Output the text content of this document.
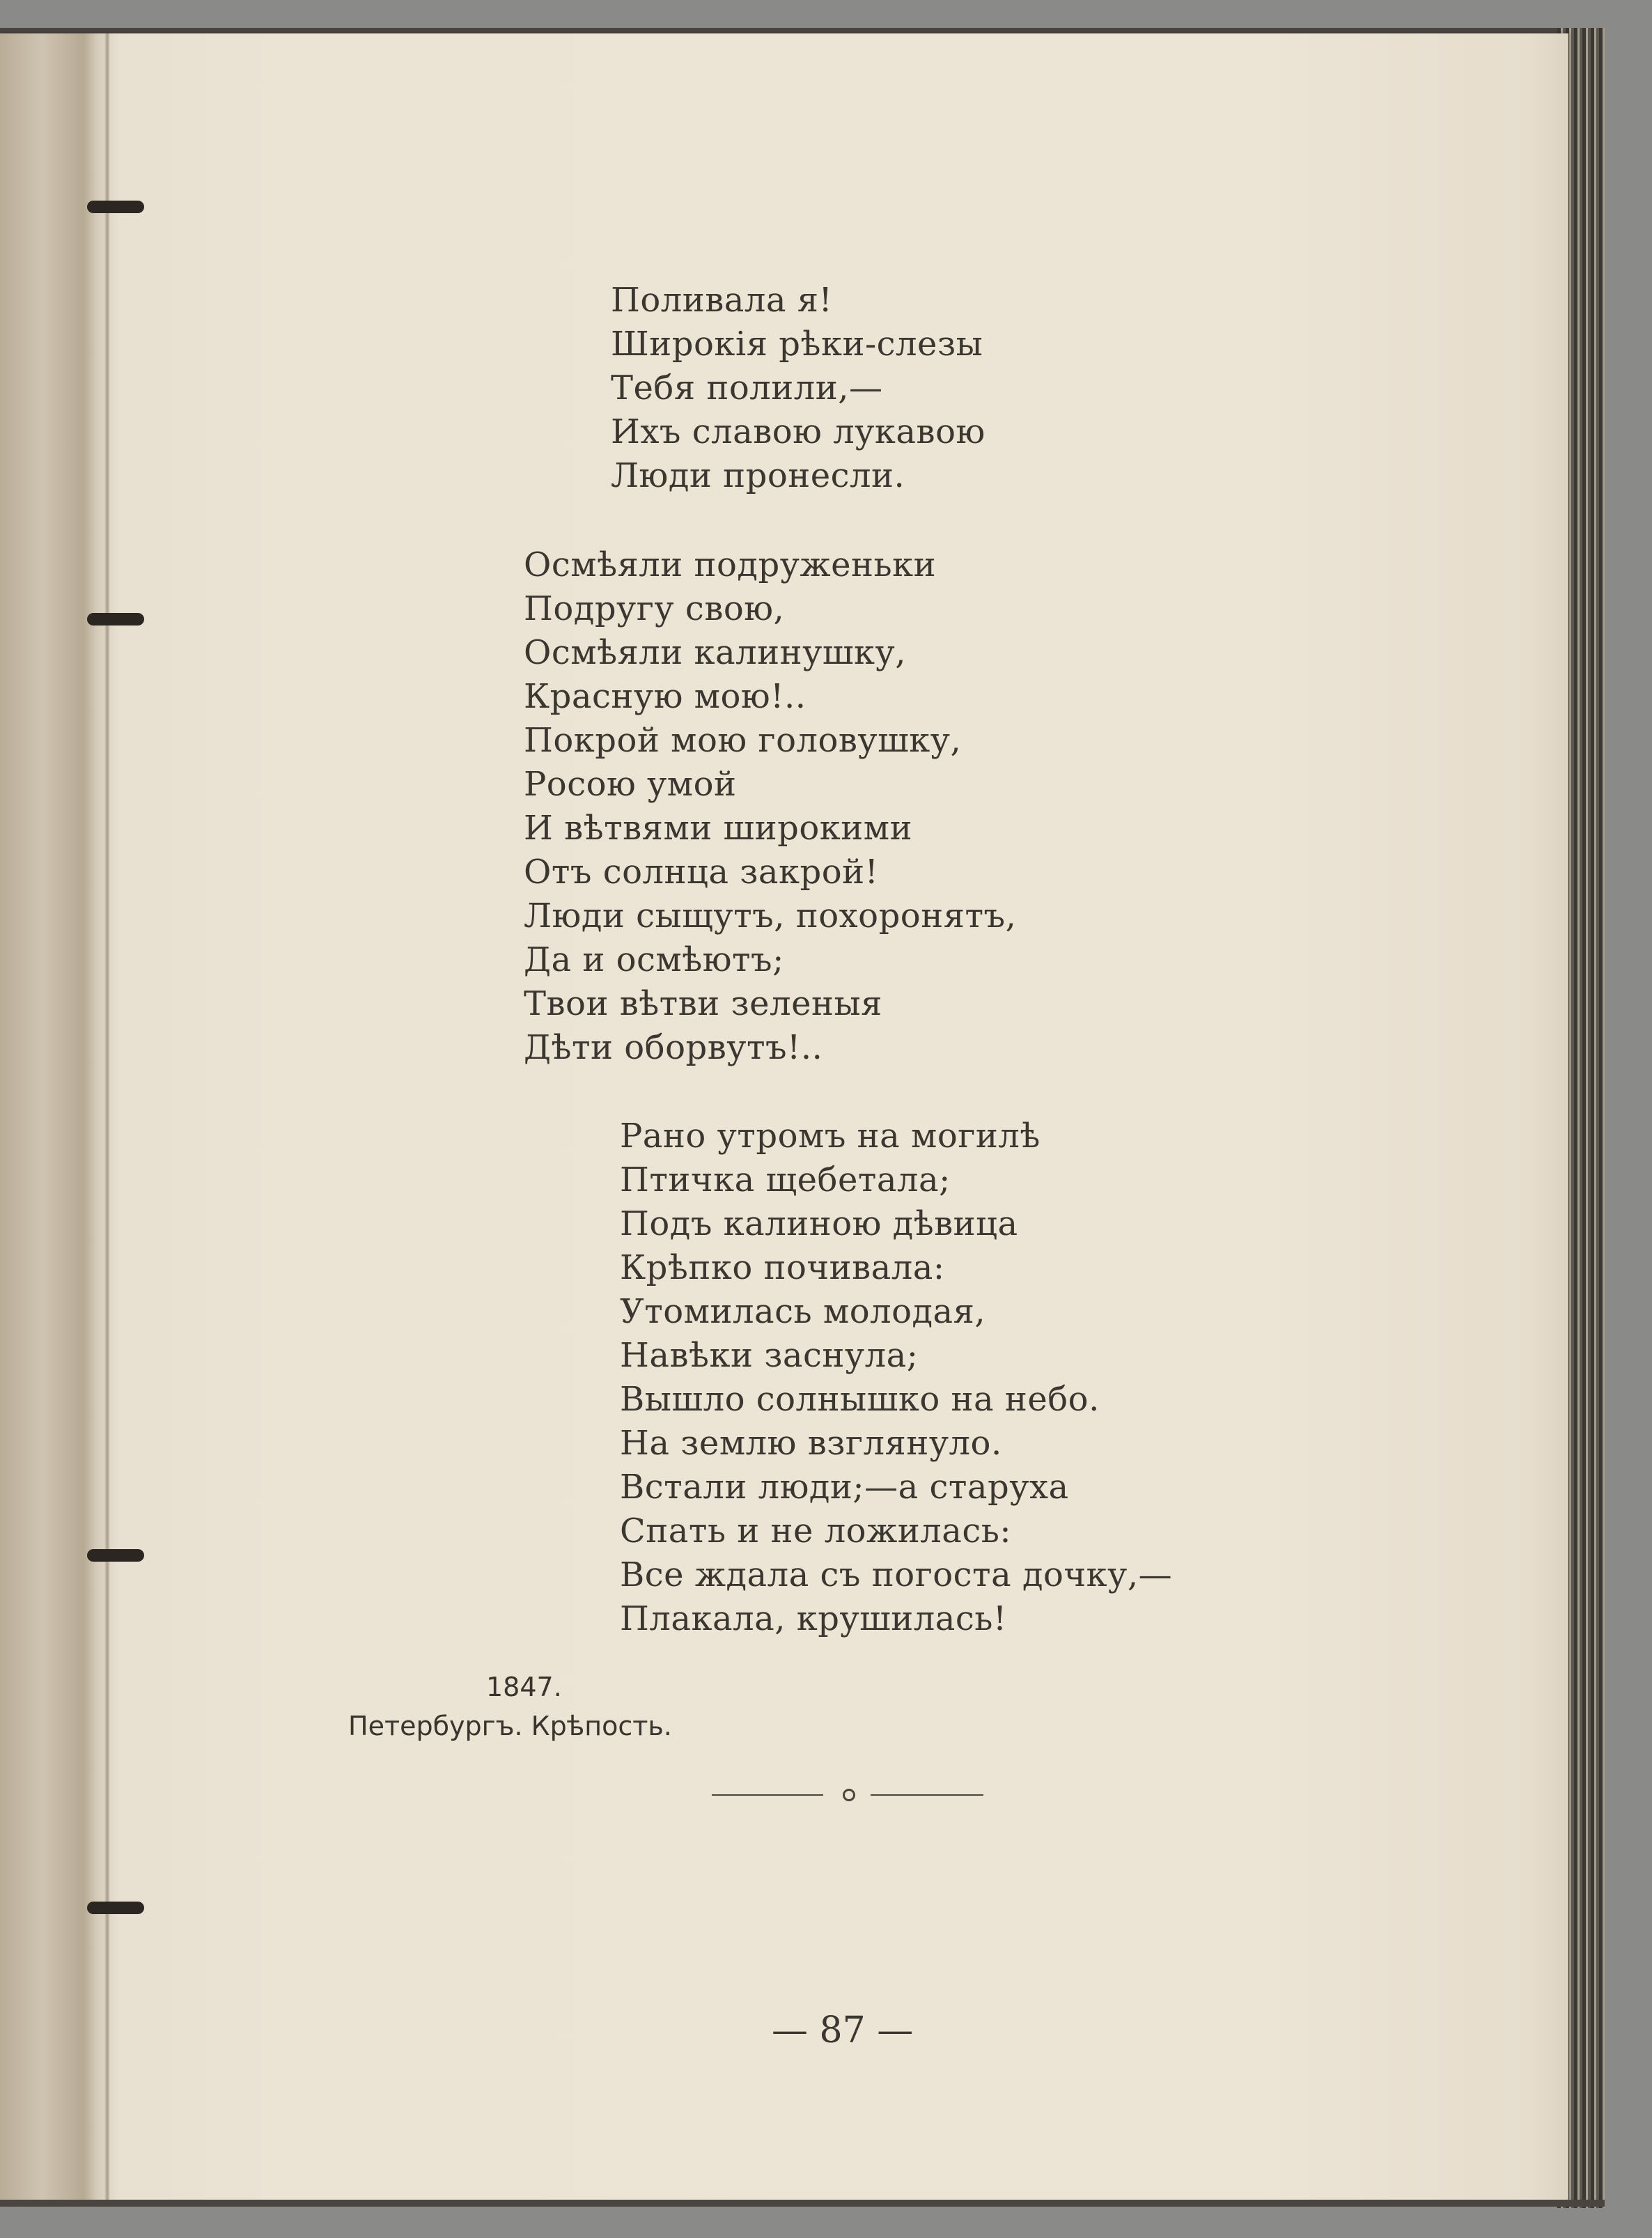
Поливала я!
Широкія рѣки-слезы
Тебя полили,—
Ихъ славою лукавою
Люди пронесли.
Осмѣяли подруженьки
Подругу свою,
Осмѣяли калинушку,
Красную мою!..
Покрой мою головушку,
Росою умой
И вѣтвями широкими
Отъ солнца закрой!
Люди сыщутъ, похоронятъ,
Да и осмѣютъ;
Твои вѣтви зеленыя
Дѣти оборвутъ!..
Рано утромъ на могилѣ
Птичка щебетала;
Подъ калиною дѣвица
Крѣпко почивала:
Утомилась молодая,
Навѣки заснула;
Вышло солнышко на небо.
На землю взглянуло.
Встали люди;—а старуха
Спать и не ложилась:
Все ждала съ погоста дочку,—
Плакала, крушилась!
1847.
Петербургъ. Крѣпость.
— 87 —
